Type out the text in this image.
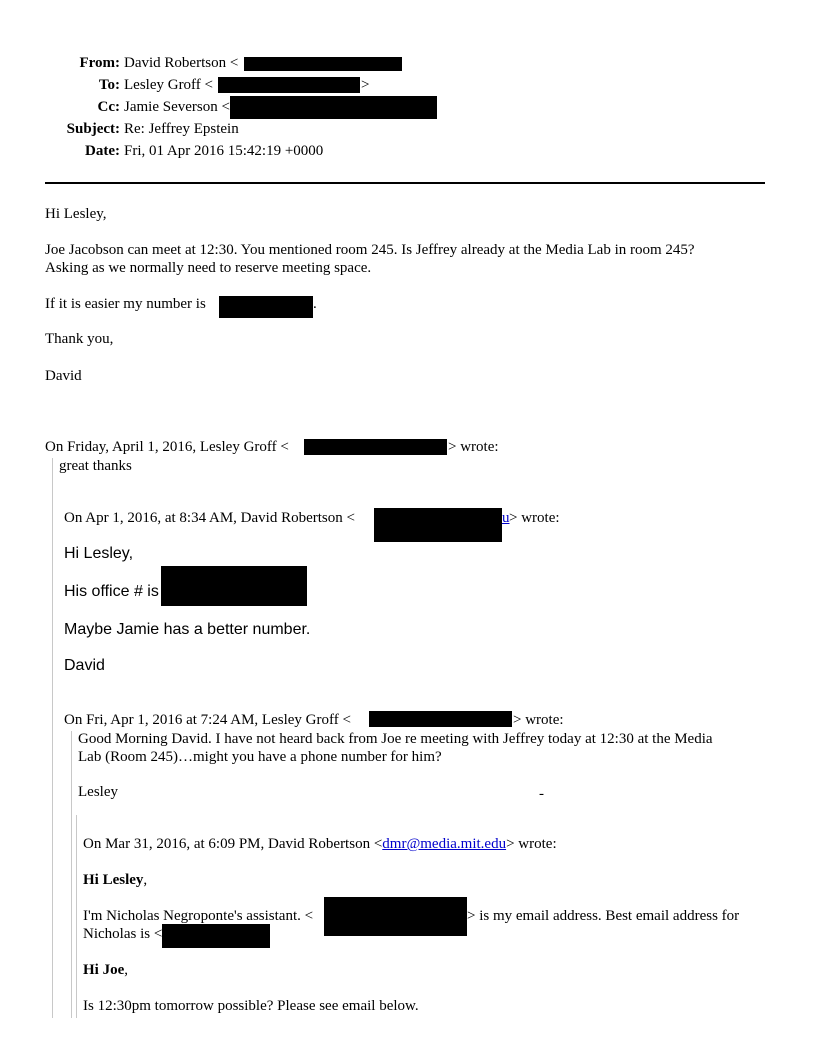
From: David Robertson <
To: Lesley Groff <	>
Cc: Jamie Severson <
Subject: Re: Jeffrey Epstein
Date: Fri, 01 Apr 2016 15:42:19 +0000
Hi Lesley,
Joe Jacobson can meet at 12:30. You mentioned room 245. Is Jeffrey already at the Media Lab in room 245?
Asking as we normally need to reserve meeting space.
If it is easier my number is	.
Thank you,
David
On Friday, April 1, 2016, Lesley Groff <	> wrote:
great thanks
On Apr 1, 2016, at 8:34 AM, David Robertson <	u > wrote:
Hi Lesley,
His office # is
Maybe Jamie has a better number.
David
On Fri, Apr 1, 2016 at 7:24 AM, Lesley Groff <	> wrote:
Good Morning David. I have not heard back from Joe re meeting with Jeffrey today at 12:30 at the Media
Lab (Room 245)…might you have a phone number for him?
Lesley	-
On Mar 31, 2016, at 6:09 PM, David Robertson <dmr@media.mit.edu> wrote:
Hi Lesley,
I'm Nicholas Negroponte's assistant. <	> is my email address. Best email address for
Nicholas is <
Hi Joe,
Is 12:30pm tomorrow possible? Please see email below.
